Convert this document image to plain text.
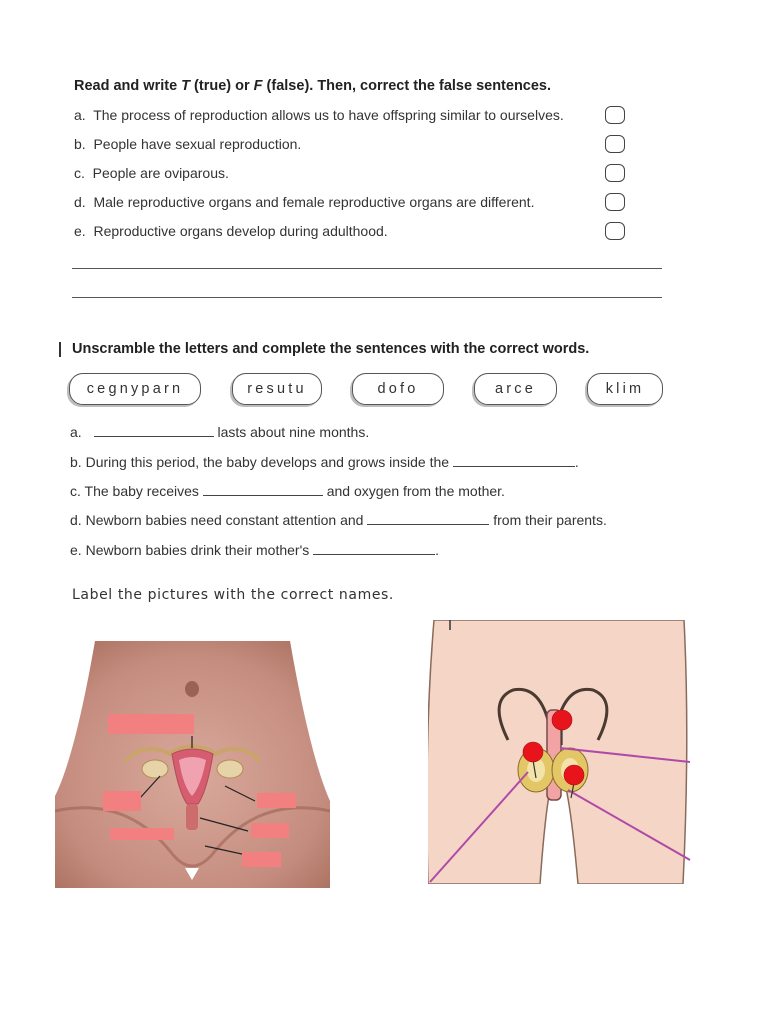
Read and write T (true) or F (false). Then, correct the false sentences.
a. The process of reproduction allows us to have offspring similar to ourselves.
b. People have sexual reproduction.
c. People are oviparous.
d. Male reproductive organs and female reproductive organs are different.
e. Reproductive organs develop during adulthood.
Unscramble the letters and complete the sentences with the correct words.
cegnyparn	resutu	dofo	arce	klim
a.	lasts about nine months.
b. During this period, the baby develops and grows inside the	.
c. The baby receives	and oxygen from the mother.
d. Newborn babies need constant attention and	from their parents.
e. Newborn babies drink their mother's	.
Label the pictures with the correct names.
